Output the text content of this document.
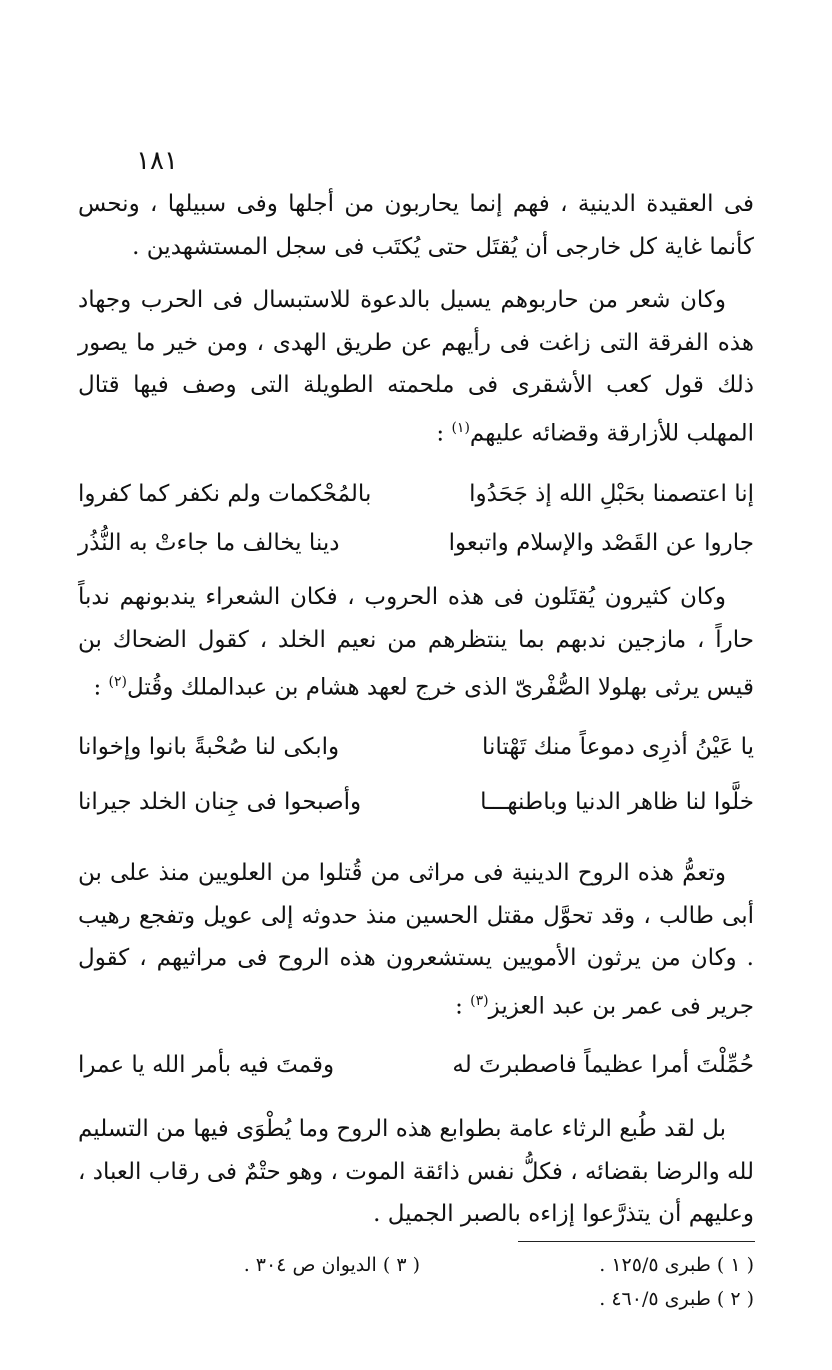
١٨١

فى العقيدة الدينية ، فهم إنما يحاربون من أجلها وفى سبيلها ، ونحس كأنما غاية كل خارجى أن يُقتَل حتى يُكتَب فى سجل المستشهدين .

وكان شعر من حاربوهم يسيل بالدعوة للاستبسال فى الحرب وجهاد هذه الفرقة التى زاغت فى رأيهم عن طريق الهدى ، ومن خير ما يصور ذلك قول كعب الأشقرى فى ملحمته الطويلة التى وصف فيها قتال المهلب للأزارقة وقضائه عليهم$^{(١)}$ :

إنا اعتصمنا بحَبْلِ الله إذ جَحَدُوا
بالمُحْكمات ولم نكفر كما كفروا
جاروا عن القَصْد والإسلام واتبعوا
دينا يخالف ما جاءتْ به النُّذُر

وكان كثيرون يُقتَلون فى هذه الحروب ، فكان الشعراء يندبونهم ندباً حاراً ، مازجين ندبهم بما ينتظرهم من نعيم الخلد ، كقول الضحاك بن قيس يرثى بهلولا الصُّفْرىّ الذى خرج لعهد هشام بن عبدالملك وقُتل$^{(٢)}$ :

يا عَيْنُ أذرِى دموعاً منك تَهْتانا
وابكى لنا صُحْبةً بانوا وإخوانا
خلَّوا لنا ظاهر الدنيا وباطنهـــا
وأصبحوا فى جِنان الخلد جيرانا

وتعمُّ هذه الروح الدينية فى مراثى من قُتلوا من العلويين منذ على بن أبى طالب ، وقد تحوَّل مقتل الحسين منذ حدوثه إلى عويل وتفجع رهيب . وكان من يرثون الأمويين يستشعرون هذه الروح فى مراثيهم ، كقول جرير فى عمر بن عبد العزيز$^{(٣)}$ :

حُمِّلْتَ أمرا عظيماً فاصطبرتَ له
وقمتَ فيه بأمر الله يا عمرا

بل لقد طُبع الرثاء عامة بطوابع هذه الروح وما يُطْوَى فيها من التسليم لله والرضا بقضائه ، فكلُّ نفس ذائقة الموت ، وهو حتْمٌ فى رقاب العباد ، وعليهم أن يتذرَّعوا إزاءه بالصبر الجميل .

( ١ ) طبرى ١٢٥/٥ .
( ٢ ) طبرى ٤٦٠/٥ .
( ٣ ) الديوان ص ٣٠٤ .
